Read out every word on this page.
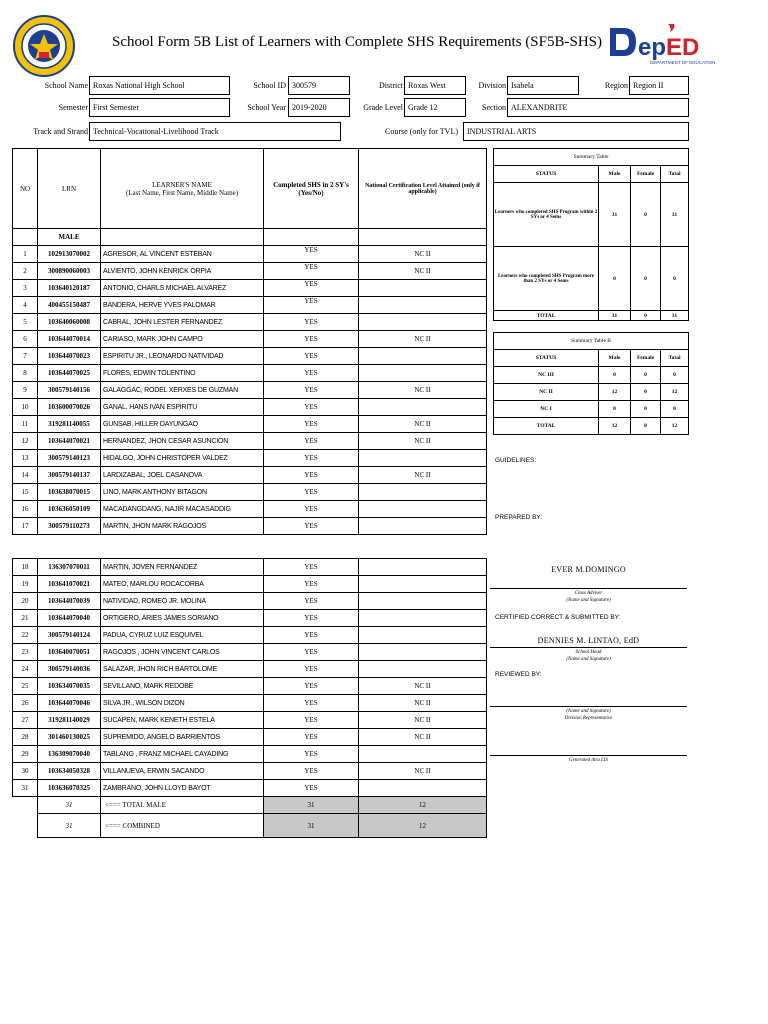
School Form 5B List of Learners with Complete SHS Requirements (SF5B-SHS) ep ED
DEPARTMENT OF EDUCATION
School Name Roxas National High School	School ID 300579	District Roxas West	Division Isabela	Region Region II
Semester First Semester	School Year 2019-2020	Grade Level Grade 12	Section ALEXANDRITE
Track and Strand Technical-Vocational-Livelihood Track	Course (only for TVL)	INDUSTRIAL ARTS
NO	LRN	LEARNER'S NAME
(Last Name, First Name, Middle Name)	Completed SHS in 2 SY's (Yes/No)	National Certification Level Attained (only if applicable)
	MALE			
1	102913070002	AGRESOR, AL VINCENT ESTEBAN	YES	NC II
2	300890060003	ALVIENTO, JOHN KENRICK ORPIA	YES	NC II
3	103640120187	ANTONIO, CHARLS MICHAEL ALVAREZ	YES	
4	400455150487	BANDERA, HERVE YVES PALOMAR	YES	
5	103640060008	CABRAL, JOHN LESTER FERNANDEZ	YES	
6	103644070014	CARIASO, MARK JOHN CAMPO	YES	NC II
7	103644070023	ESPIRITU JR., LEONARDO NATIVIDAD	YES	
8	103644070025	FLORES, EDWIN TOLENTINO	YES	
9	300579140156	GALAGGAC, RODEL XERXES DE GUZMAN	YES	NC II
10	103600070026	GANAL, HANS IVAN ESPIRITU	YES	
11	319281140055	GUNSAB, HILLER DAYUNGAO	YES	NC II
12	103644070021	HERNANDEZ, JHON CESAR ASUNCION	YES	NC II
13	300579140123	HIDALGO, JOHN CHRISTOPER VALDEZ	YES	
14	300579140137	LARDIZABAL, JOEL CASANOVA	YES	NC II
15	103638070015	LINO, MARK ANTHONY BITAGON	YES	
16	103636050109	MACADANGDANG, NAJIR MACASADDIG	YES	
17	300579110273	MARTIN, JHON MARK RAGOJOS	YES	
Summary Table			
STATUS	Male	Female	Total
Learners who completed SHS Program within 2 SYs or 4 Sems	31	0	31
Learners who completed SHS Program more than 2 SYs or 4 Sems	0	0	0
TOTAL	31	0	31
Summary Table B			
STATUS	Male	Female	Total
NC III	0	0	0
NC II	12	0	12
NC I	0	0	0
TOTAL	12	0	12
GUIDELINES:
PREPARED BY:
EVER M.DOMINGO
Class Adviser
(Name and Signature)
CERTIFIED CORRECT & SUBMITTED BY:
DENNIES M. LINTAO, EdD
School Head
(Name and Signature)
REVIEWED BY:
(Name and Signature)
Division Representative
Generated thru LIS
18	136307070011	MARTIN, JOVEN FERNANDEZ	YES	
19	103641070021	MATEO, MARLOU ROCACORBA	YES	
20	103644070039	NATIVIDAD, ROMEO JR. MOLINA	YES	
21	103644070040	ORTIGERO, ARIES JAMES SORIANO	YES	
22	300579140124	PADUA, CYRUZ LUIZ ESQUIVEL	YES	
23	103640070051	RAGOJOS , JOHN VINCENT CARLOS	YES	
24	300579140036	SALAZAR, JHON RICH BARTOLOME	YES	
25	103634070035	SEVILLANO, MARK REDOBE	YES	NC II
26	103644070046	SILVA JR., WILSON DIZON	YES	NC II
27	319281140029	SUCAPEN, MARK KENETH ESTELA	YES	NC II
28	301460130025	SUPREMIDO, ANGELO BARRIENTOS	YES	NC II
29	136309070040	TABLANG , FRANZ MICHAEL CAYADING	YES	
30	103634050328	VILLANUEVA, ERWIN SACANDO	YES	NC II
31	103636070325	ZAMBRANO, JOHN LLOYD BAYOT	YES	
	31	<=== TOTAL MALE	31	12
	31	<=== COMBINED	31	12
